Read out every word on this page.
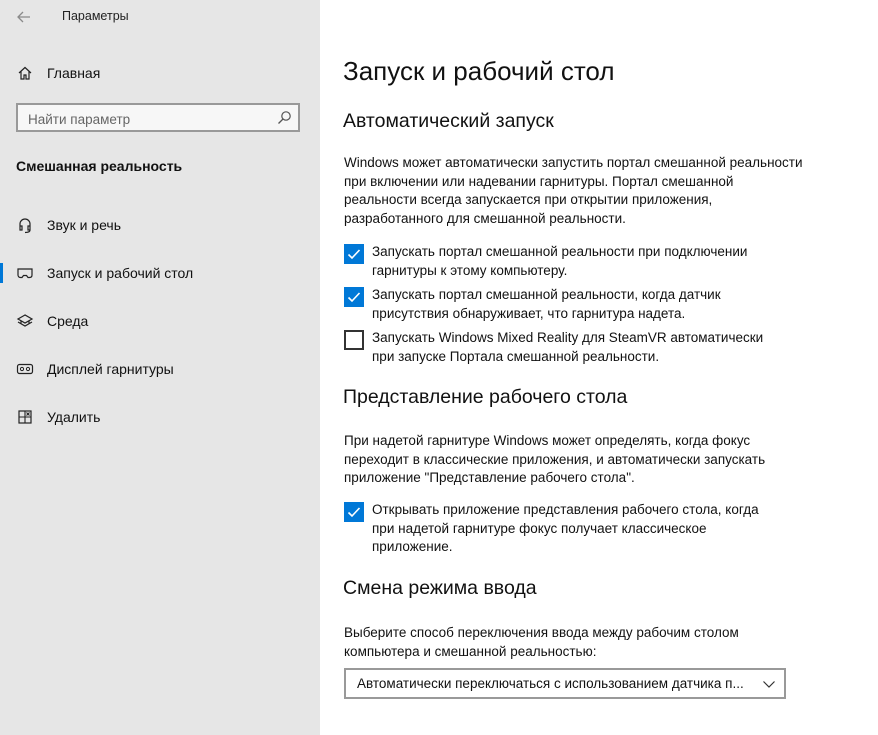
Параметры
Главная
Найти параметр
Смешанная реальность
Звук и речь
Запуск и рабочий стол
Среда
Дисплей гарнитуры
Удалить
Запуск и рабочий стол
Автоматический запуск
Windows может автоматически запустить портал смешанной реальности при включении или надевании гарнитуры. Портал смешанной реальности всегда запускается при открытии приложения, разработанного для смешанной реальности.
Запускать портал смешанной реальности при подключении гарнитуры к этому компьютеру.
Запускать портал смешанной реальности, когда датчик присутствия обнаруживает, что гарнитура надета.
Запускать Windows Mixed Reality для SteamVR автоматически при запуске Портала смешанной реальности.
Представление рабочего стола
При надетой гарнитуре Windows может определять, когда фокус переходит в классические приложения, и автоматически запускать приложение "Представление рабочего стола".
Открывать приложение представления рабочего стола, когда при надетой гарнитуре фокус получает классическое приложение.
Смена режима ввода
Выберите способ переключения ввода между рабочим столом компьютера и смешанной реальностью:
Автоматически переключаться с использованием датчика п...
